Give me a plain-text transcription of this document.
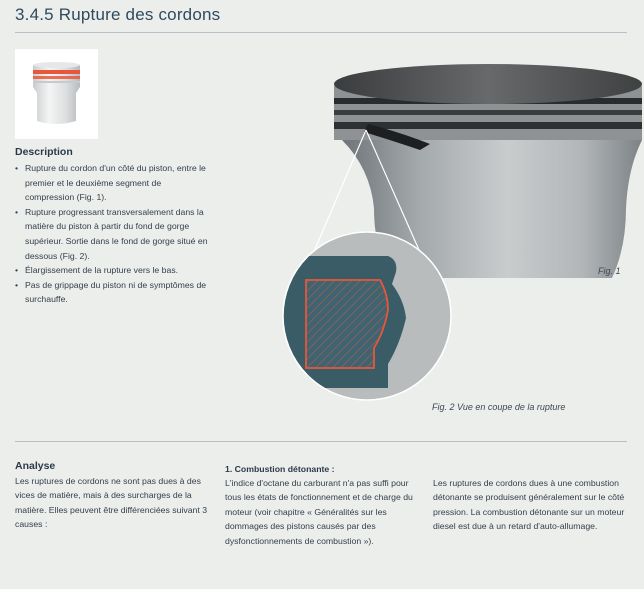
3.4.5 Rupture des cordons
Description
• Rupture du cordon d'un côté du piston, entre le premier et le deuxième segment de compression (Fig. 1).
• Rupture progressant transversalement dans la matière du piston à partir du fond de gorge supérieur. Sortie dans le fond de gorge situé en dessous (Fig. 2).
• Élargissement de la rupture vers le bas.
• Pas de grippage du piston ni de symptômes de surchauffe.
Fig. 1
Fig. 2 Vue en coupe de la rupture
Analyse
Les ruptures de cordons ne sont pas dues à des vices de matière, mais à des surcharges de la matière. Elles peuvent être différenciées suivant 3 causes :
1. Combustion détonante :
L'indice d'octane du carburant n'a pas suffi pour tous les états de fonctionnement et de charge du moteur (voir chapitre « Généralités sur les dommages des pistons causés par des dysfonctionnements de combustion »).
Les ruptures de cordons dues à une combustion détonante se produisent généralement sur le côté pression. La combustion détonante sur un moteur diesel est due à un retard d'auto-allumage.
